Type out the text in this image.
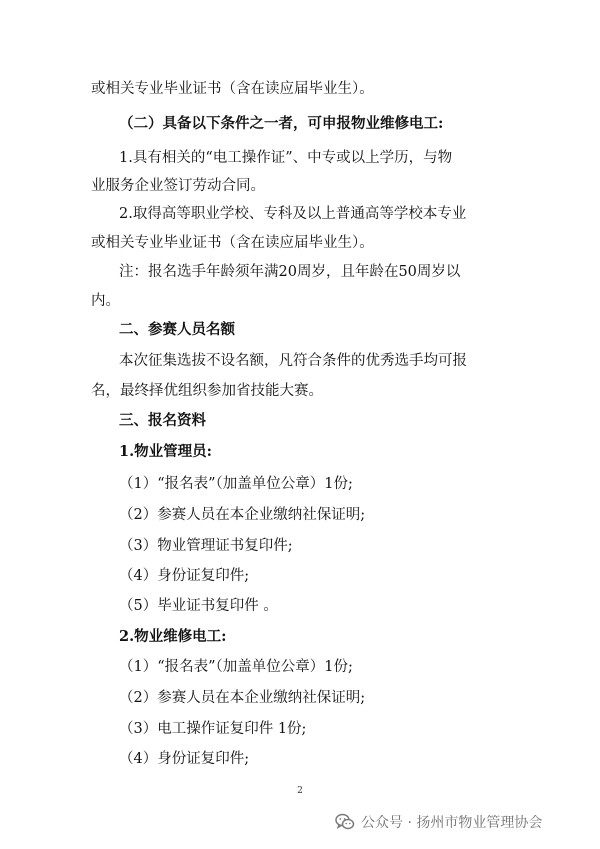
或相关专业毕业证书（含在读应届毕业生）。
（二）具备以下条件之一者，可申报物业维修电工:
1.具有相关的“电工操作证”、中专或以上学历，与物
业服务企业签订劳动合同。
2.取得高等职业学校、专科及以上普通高等学校本专业
或相关专业毕业证书（含在读应届毕业生）。
注：报名选手年龄须年满20周岁，且年龄在50周岁以
内。
二、参赛人员名额
本次征集选拔不设名额，凡符合条件的优秀选手均可报
名，最终择优组织参加省技能大赛。
三、报名资料
1.物业管理员:
（1）“报名表”（加盖单位公章）1份;
（2）参赛人员在本企业缴纳社保证明;
（3）物业管理证书复印件;
（4）身份证复印件;
（5）毕业证书复印件 。
2.物业维修电工:
（1）“报名表”（加盖单位公章）1份;
（2）参赛人员在本企业缴纳社保证明;
（3）电工操作证复印件 1份;
（4）身份证复印件;
2
公众号 · 扬州市物业管理协会
